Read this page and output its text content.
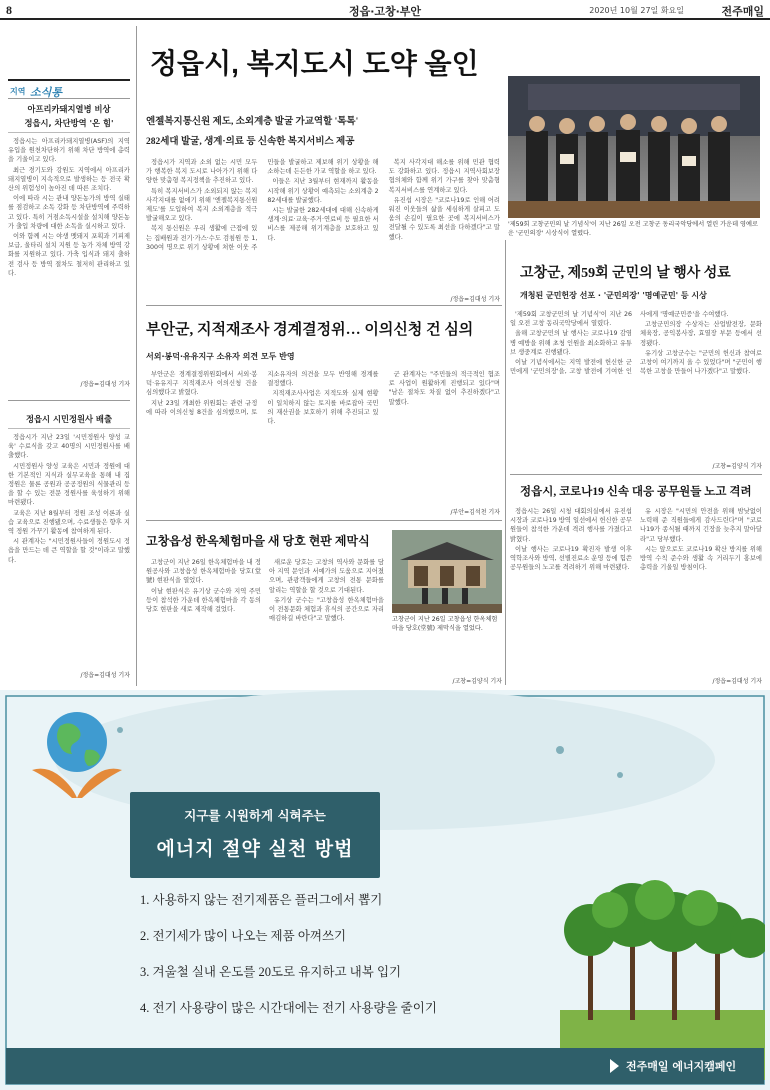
8	정읍·고창·부안	2020년 10월 27일 화요일	전주매일
지역 소식통
아프리카돼지열병 비상
정읍시, 차단방역 '온 힘'

정읍시는 아프리카돼지열병(ASF)의 지역 유입을 원천차단하기 위해 차단 방역에 총력을 기울이고 있다.

최근 경기도와 강원도 지역에서 아프리카돼지열병이 지속적으로 발생하는 등 전국 확산의 위험성이 높아진 데 따른 조치다.

이에 따라 시는 관내 양돈농가의 방역 실태를 점검하고 소독 강화 등 차단방역에 주력하고 있다. 특히 거점소독시설을 설치해 양돈농가 출입 차량에 대한 소독을 실시하고 있다.

이와 함께 시는 야생 멧돼지 포획과 기피제 보급, 울타리 설치 지원 등 농가 자체 방역 강화를 지원하고 있다. 가축 입식과 돼지 출하 전 검사 등 방역 절차도 철저히 관리하고 있다.

/정읍=김대성 기자
정읍시 시민정원사 배출

정읍시가 지난 23일 '시민정원사 양성 교육' 수료식을 갖고 40명의 시민정원사를 배출했다.

시민정원사 양성 교육은 시민과 정원에 대한 기본적인 지식과 실무교육을 통해 내 집 정원은 물론 공원과 공공정원의 식물관리 등을 할 수 있는 전문 정원사를 육성하기 위해 마련됐다.

교육은 지난 8월부터 정원 조성 이론과 실습 교육으로 진행됐으며, 수료생들은 향후 지역 정원 가꾸기 활동에 참여하게 된다.

시 관계자는 "시민정원사들이 정원도시 정읍을 만드는 데 큰 역할을 할 것"이라고 말했다.

/정읍=김대성 기자
정읍시, 복지도시 도약 올인
엔젤복지통신원 제도, 소외계층 발굴 가교역할 '톡톡'
282세대 발굴, 생계·의료 등 신속한 복지서비스 제공

정읍시가 지역과 소외 없는 시민 모두가 행복한 복지 도시로 나아가기 위해 다양한 맞춤형 복지정책을 추진하고 있다.

특히 복지서비스가 소외되지 않는 복지 사각지대를 없애기 위해 '엔젤복지통신원 제도'를 도입하여 복지 소외계층을 적극 발굴해오고 있다.

복지 통신원은 우리 생활에 근접에 있는 집배원과 전기·가스·수도 검침원 등 1,300여 명으로 위기 상황에 처한 이웃 주민들을 발굴하고 제보해 위기 상황을 해소하는데 든든한 가교 역할을 하고 있다.

이들은 지난 3월부터 현재까지 활동을 시작해 위기 상황이 예측되는 소외계층 282세대를 발굴했다.

시는 발굴한 282세대에 대해 신속하게 생계·의료·교육·주거·연료비 등 필요한 서비스를 제공해 위기계층을 보호하고 있다.

복지 사각지대 해소를 위해 민관 협력도 강화하고 있다. 정읍시 지역사회보장협의체와 함께 위기 가구를 찾아 맞춤형 복지서비스를 연계하고 있다.

유진섭 시장은 "코로나19로 인해 어려워진 이웃들의 삶을 세심하게 살피고 도움의 손길이 필요한 곳에 복지서비스가 전달될 수 있도록 최선을 다하겠다"고 말했다.

/정읍=김대성 기자
'제59회 고창군민의 날 기념식'이 지난 26일 오전 고창군 동리국악당에서 열린 가운데 영예로운 '군민의장' 시상식이 열렸다.
고창군, 제59회 군민의 날 행사 성료
개청된 군민헌장 선포 · '군민의장' '명예군민' 등 시상

'제59회 고창군민의 날 기념식'이 지난 26일 오전 고창 동리국악당에서 열렸다.

올해 고창군민의 날 행사는 코로나19 감염병 예방을 위해 초청 인원을 최소화하고 유튜브 생중계로 진행됐다.

이날 기념식에서는 지역 발전에 헌신한 군민에게 '군민의장'을, 고창 발전에 기여한 인사에게 '명예군민증'을 수여했다.

고창군민의장 수상자는 산업발전장, 문화체육장, 공익봉사장, 효열장 부문 등에서 선정됐다.

유기상 고창군수는 "군민의 헌신과 참여로 고창이 여기까지 올 수 있었다"며 "군민이 행복한 고창을 만들어 나가겠다"고 말했다.

/고창=김양식 기자
부안군, 지적재조사 경계결정위… 이의신청 건 심의
서외·봉덕·유유지구 소유자 의견 모두 반영

부안군은 경계결정위원회에서 서외·봉덕·유유지구 지적재조사 이의신청 건을 심의했다고 밝혔다.

지난 23일 개최한 위원회는 관련 규정에 따라 이의신청 8건을 심의했으며, 토지소유자의 의견을 모두 반영해 경계를 결정했다.

지적재조사사업은 지적도와 실제 현황이 일치하지 않는 토지를 바로잡아 국민의 재산권을 보호하기 위해 추진되고 있다.

군 관계자는 "주민들의 적극적인 협조로 사업이 원활하게 진행되고 있다"며 "남은 절차도 차질 없이 추진하겠다"고 말했다.

/부안=김석천 기자
고창읍성 한옥체험마을 새 당호 현판 제막식

고창군이 지난 26일 한옥체험마을 내 정원공사와 고창읍성 한옥체험마을 당호(堂號) 현판식을 열었다.

이날 현판식은 유기상 군수와 지역 주민 등이 참석한 가운데 한옥체험마을 각 동의 당호 현판을 새로 제작해 걸었다.

새로운 당호는 고창의 역사와 문화를 담아 지역 문인과 서예가의 도움으로 지어졌으며, 관광객들에게 고창의 전통 문화를 알리는 역할을 할 것으로 기대된다.

유기상 군수는 "고창읍성 한옥체험마을이 전통문화 체험과 휴식의 공간으로 자리매김하길 바란다"고 말했다.	고창군이 지난 26일 고창읍성 한옥체험마을 당호(堂號) 제막식을 열었다.
/고창=김양식 기자
정읍시, 코로나19 신속 대응 공무원들 노고 격려

정읍시는 26일 시청 대회의실에서 유진섭 시장과 코로나19 방역 일선에서 헌신한 공무원들이 참석한 가운데 격려 행사를 가졌다고 밝혔다.

이날 행사는 코로나19 확진자 발생 이후 역학조사와 방역, 선별진료소 운영 등에 힘쓴 공무원들의 노고를 격려하기 위해 마련됐다.

유 시장은 "시민의 안전을 위해 밤낮없이 노력해 준 직원들에게 감사드린다"며 "코로나19가 종식될 때까지 긴장을 늦추지 말아달라"고 당부했다.

시는 앞으로도 코로나19 확산 방지를 위해 방역 수칙 준수와 생활 속 거리두기 홍보에 총력을 기울일 방침이다.

/정읍=김대성 기자
지구를 시원하게 식혀주는
에너지 절약 실천 방법
1. 사용하지 않는 전기제품은 플러그에서 뽑기
2. 전기세가 많이 나오는 제품 아껴쓰기
3. 겨울철 실내 온도를 20도로 유지하고 내복 입기
4. 전기 사용량이 많은 시간대에는 전기 사용량을 줄이기
전주매일 에너지캠페인
